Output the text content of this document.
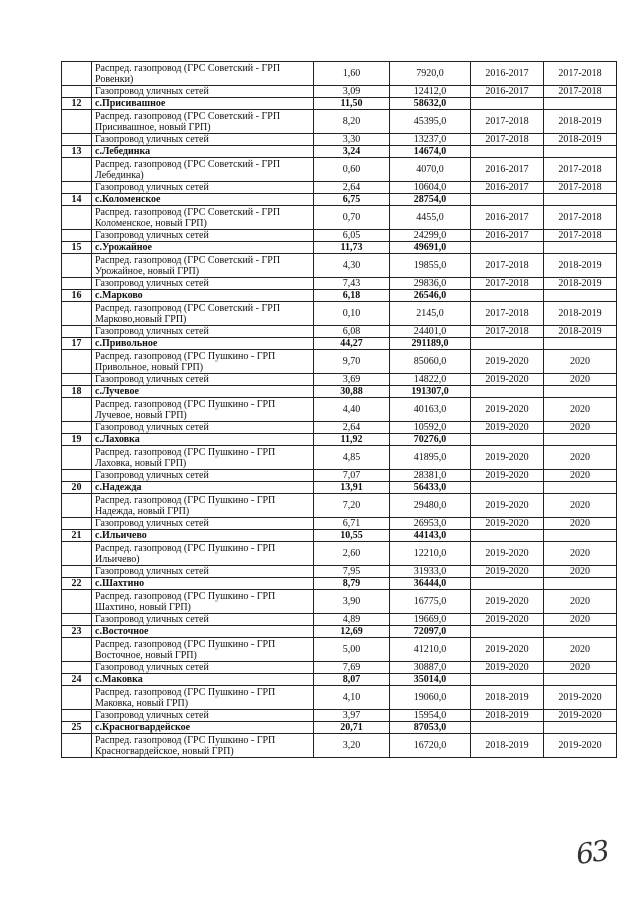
	Распред. газопровод (ГРС Советский - ГРП Ровенки)	1,60	7920,0	2016-2017	2017-2018
	Газопровод уличных сетей	3,09	12412,0	2016-2017	2017-2018
12	с.Присивашное	11,50	58632,0		
	Распред. газопровод (ГРС Советский - ГРП Присивашное, новый ГРП)	8,20	45395,0	2017-2018	2018-2019
	Газопровод уличных сетей	3,30	13237,0	2017-2018	2018-2019
13	с.Лебединка	3,24	14674,0		
	Распред. газопровод (ГРС Советский - ГРП Лебединка)	0,60	4070,0	2016-2017	2017-2018
	Газопровод уличных сетей	2,64	10604,0	2016-2017	2017-2018
14	с.Коломенское	6,75	28754,0		
	Распред. газопровод (ГРС Советский - ГРП Коломенское, новый ГРП)	0,70	4455,0	2016-2017	2017-2018
	Газопровод уличных сетей	6,05	24299,0	2016-2017	2017-2018
15	с.Урожайное	11,73	49691,0		
	Распред. газопровод (ГРС Советский - ГРП Урожайное, новый ГРП)	4,30	19855,0	2017-2018	2018-2019
	Газопровод уличных сетей	7,43	29836,0	2017-2018	2018-2019
16	с.Марково	6,18	26546,0		
	Распред. газопровод (ГРС Советский - ГРП Марково,новый ГРП)	0,10	2145,0	2017-2018	2018-2019
	Газопровод уличных сетей	6,08	24401,0	2017-2018	2018-2019
17	с.Привольное	44,27	291189,0		
	Распред. газопровод (ГРС Пушкино - ГРП Привольное, новый ГРП)	9,70	85060,0	2019-2020	2020
	Газопровод уличных сетей	3,69	14822,0	2019-2020	2020
18	с.Лучевое	30,88	191307,0		
	Распред. газопровод (ГРС Пушкино - ГРП Лучевое, новый ГРП)	4,40	40163,0	2019-2020	2020
	Газопровод уличных сетей	2,64	10592,0	2019-2020	2020
19	с.Лаховка	11,92	70276,0		
	Распред. газопровод (ГРС Пушкино - ГРП Лаховка, новый ГРП)	4,85	41895,0	2019-2020	2020
	Газопровод уличных сетей	7,07	28381,0	2019-2020	2020
20	с.Надежда	13,91	56433,0		
	Распред. газопровод (ГРС Пушкино - ГРП Надежда, новый ГРП)	7,20	29480,0	2019-2020	2020
	Газопровод уличных сетей	6,71	26953,0	2019-2020	2020
21	с.Ильичево	10,55	44143,0		
	Распред. газопровод (ГРС Пушкино - ГРП Ильичево)	2,60	12210,0	2019-2020	2020
	Газопровод уличных сетей	7,95	31933,0	2019-2020	2020
22	с.Шахтино	8,79	36444,0		
	Распред. газопровод (ГРС Пушкино - ГРП Шахтино, новый ГРП)	3,90	16775,0	2019-2020	2020
	Газопровод уличных сетей	4,89	19669,0	2019-2020	2020
23	с.Восточное	12,69	72097,0		
	Распред. газопровод (ГРС Пушкино - ГРП Восточное, новый ГРП)	5,00	41210,0	2019-2020	2020
	Газопровод уличных сетей	7,69	30887,0	2019-2020	2020
24	с.Маковка	8,07	35014,0		
	Распред. газопровод (ГРС Пушкино - ГРП Маковка, новый ГРП)	4,10	19060,0	2018-2019	2019-2020
	Газопровод уличных сетей	3,97	15954,0	2018-2019	2019-2020
25	с.Красногвардейское	20,71	87053,0		
	Распред. газопровод (ГРС Пушкино - ГРП Красногвардейское, новый ГРП)	3,20	16720,0	2018-2019	2019-2020
63
